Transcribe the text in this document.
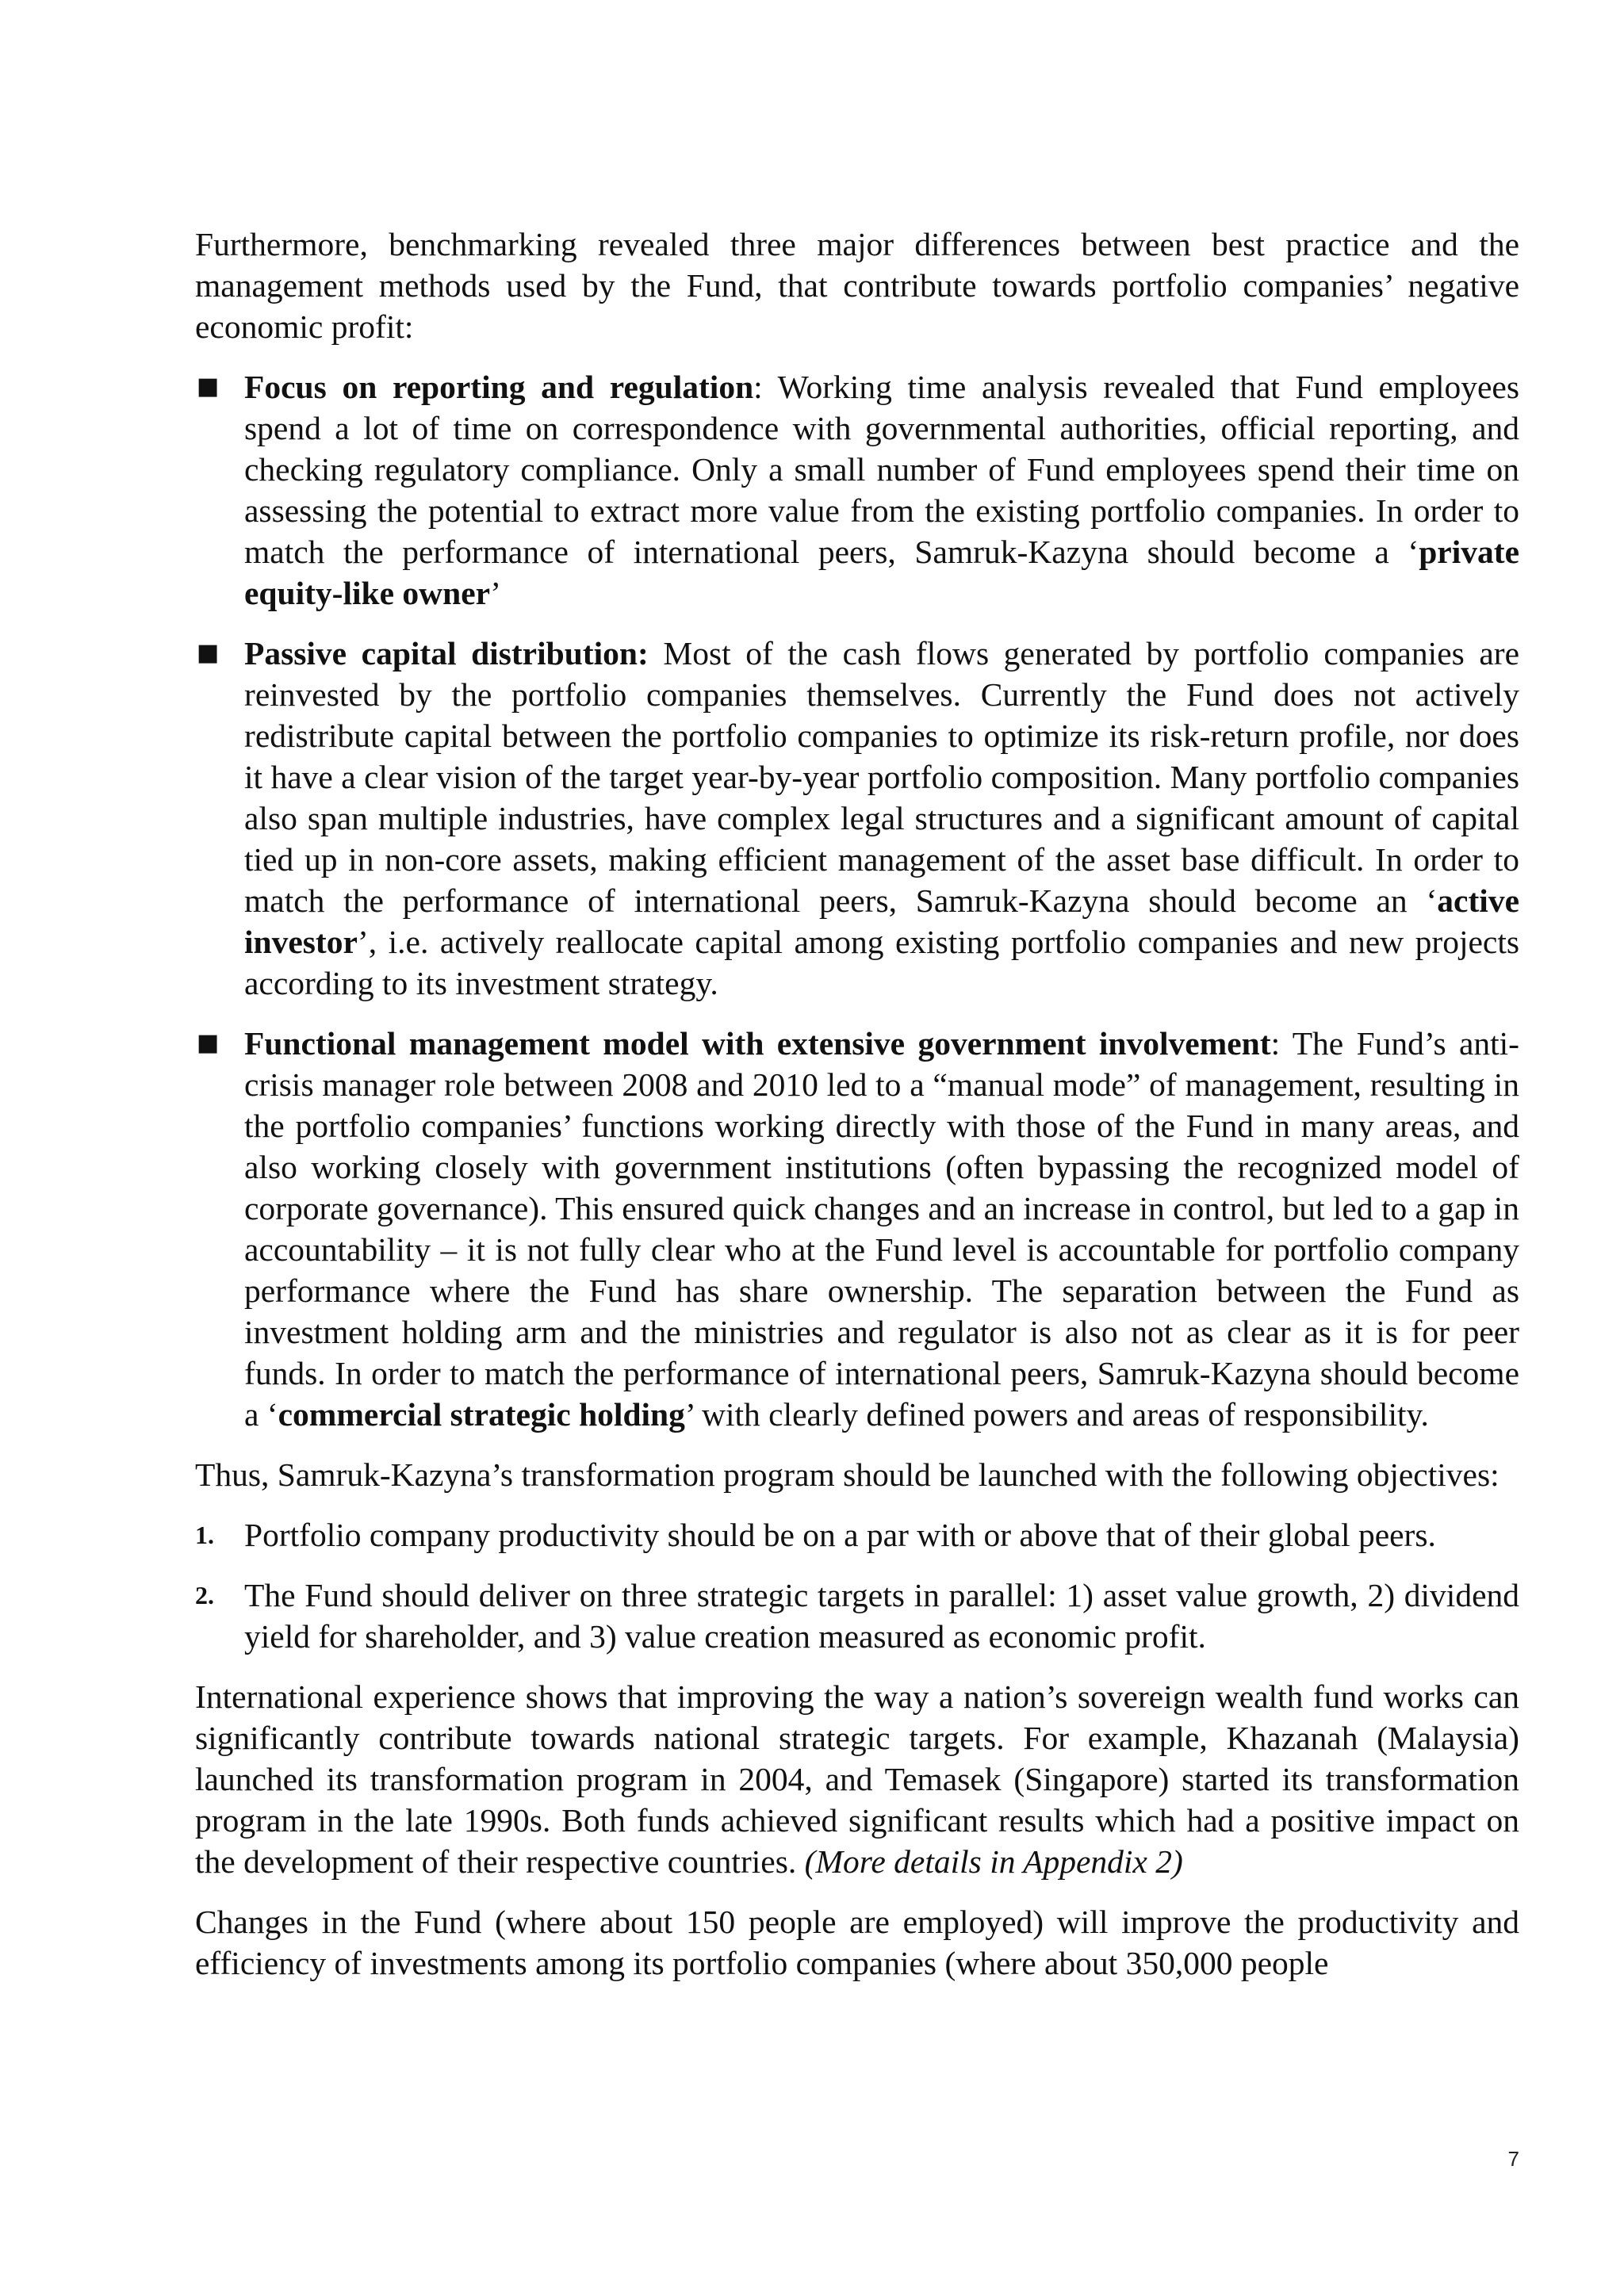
Furthermore, benchmarking revealed three major differences between best practice and the management methods used by the Fund, that contribute towards portfolio companies’ negative economic profit:

■ Focus on reporting and regulation: Working time analysis revealed that Fund employees spend a lot of time on correspondence with governmental authorities, official reporting, and checking regulatory compliance. Only a small number of Fund employees spend their time on assessing the potential to extract more value from the existing portfolio companies. In order to match the performance of international peers, Samruk-Kazyna should become a ‘private equity-like owner’
■ Passive capital distribution: Most of the cash flows generated by portfolio companies are reinvested by the portfolio companies themselves. Currently the Fund does not actively redistribute capital between the portfolio companies to optimize its risk-return profile, nor does it have a clear vision of the target year-by-year portfolio composition. Many portfolio companies also span multiple industries, have complex legal structures and a significant amount of capital tied up in non-core assets, making efficient management of the asset base difficult. In order to match the performance of international peers, Samruk-Kazyna should become an ‘active investor’, i.e. actively reallocate capital among existing portfolio companies and new projects according to its investment strategy.
■ Functional management model with extensive government involvement: The Fund’s anti-crisis manager role between 2008 and 2010 led to a “manual mode” of management, resulting in the portfolio companies’ functions working directly with those of the Fund in many areas, and also working closely with government institutions (often bypassing the recognized model of corporate governance). This ensured quick changes and an increase in control, but led to a gap in accountability – it is not fully clear who at the Fund level is accountable for portfolio company performance where the Fund has share ownership. The separation between the Fund as investment holding arm and the ministries and regulator is also not as clear as it is for peer funds. In order to match the performance of international peers, Samruk-Kazyna should become a ‘commercial strategic holding’ with clearly defined powers and areas of responsibility.

Thus, Samruk-Kazyna’s transformation program should be launched with the following objectives:

1. Portfolio company productivity should be on a par with or above that of their global peers.
2. The Fund should deliver on three strategic targets in parallel: 1) asset value growth, 2) dividend yield for shareholder, and 3) value creation measured as economic profit.

International experience shows that improving the way a nation’s sovereign wealth fund works can significantly contribute towards national strategic targets. For example, Khazanah (Malaysia) launched its transformation program in 2004, and Temasek (Singapore) started its transformation program in the late 1990s. Both funds achieved significant results which had a positive impact on the development of their respective countries. (More details in Appendix 2)

Changes in the Fund (where about 150 people are employed) will improve the productivity and efficiency of investments among its portfolio companies (where about 350,000 people

7
